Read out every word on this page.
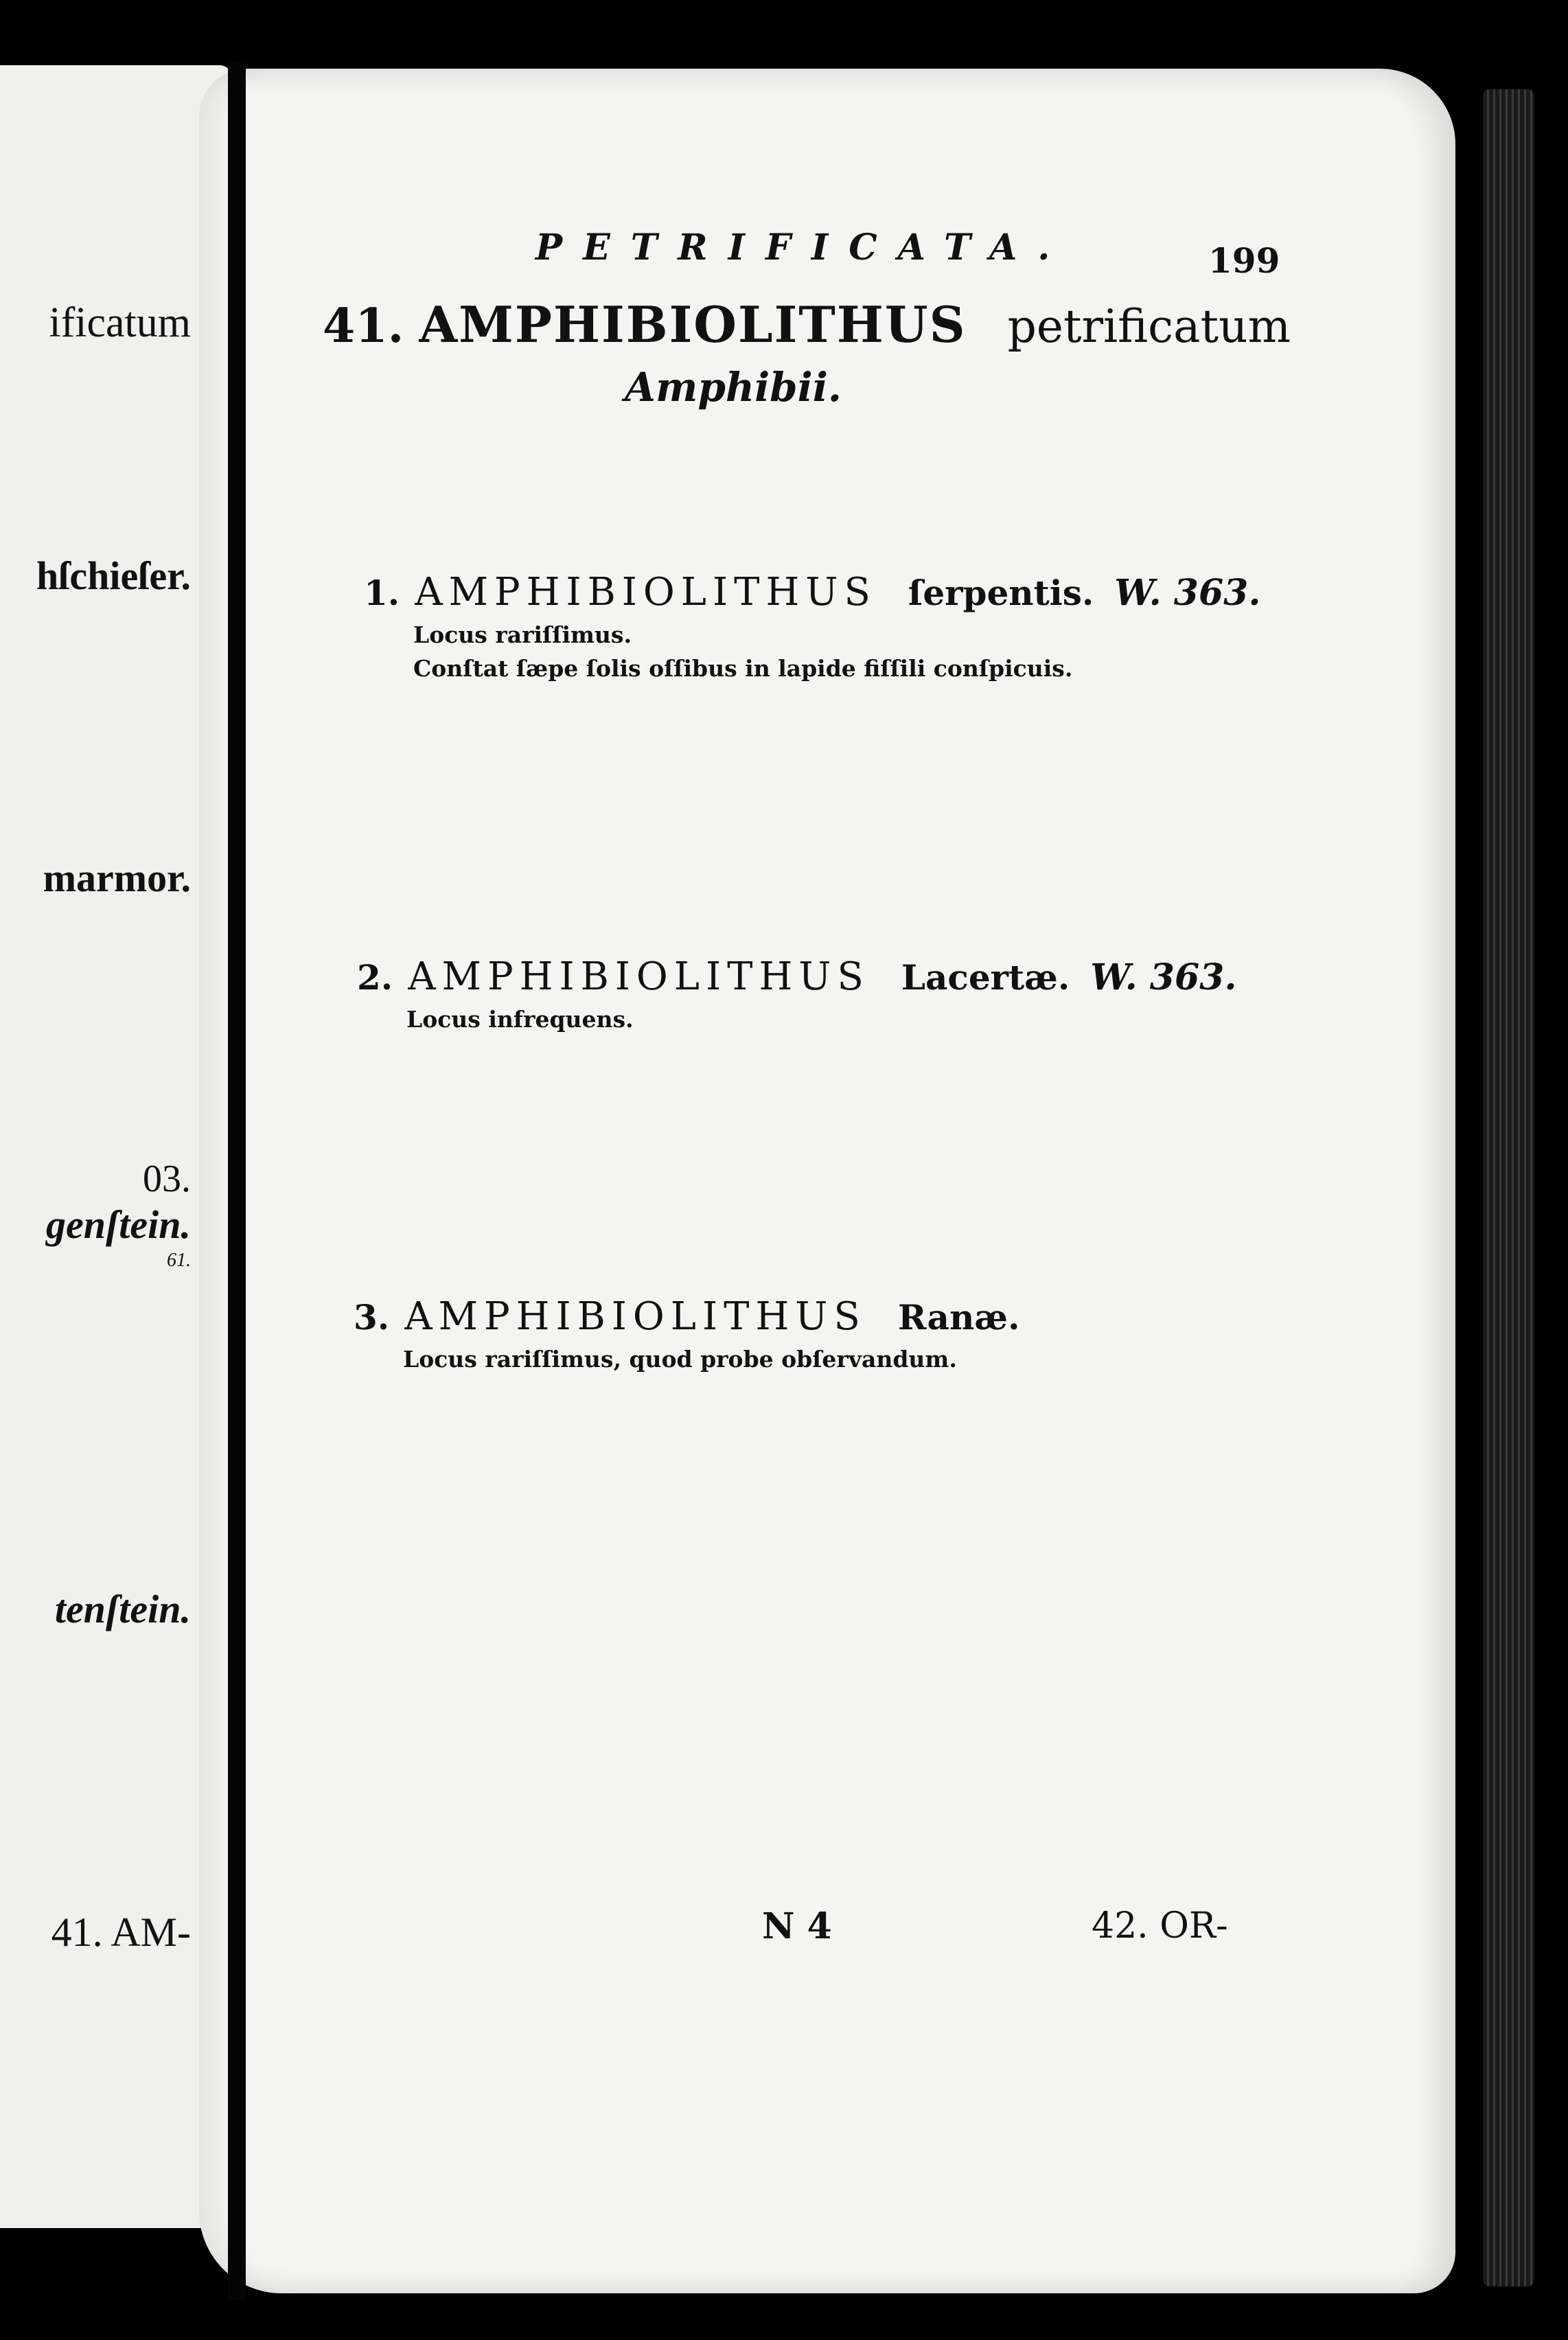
ificatum
hſchieſer.
marmor.
03.
genſtein.
61.
tenſtein.
41. AM-
PETRIFICATA.	199
41. AMPHIBIOLITHUS petrificatum
Amphibii.
1. AMPHIBIOLITHUS ſerpentis. W. 363.
Locus rariſſimus.
Conſtat ſæpe ſolis oſſibus in lapide fiſſili conſpicuis.
2. AMPHIBIOLITHUS Lacertæ. W. 363.
Locus infrequens.
3. AMPHIBIOLITHUS Ranæ.
Locus rariſſimus, quod probe obſervandum.
N 4	42. OR-
